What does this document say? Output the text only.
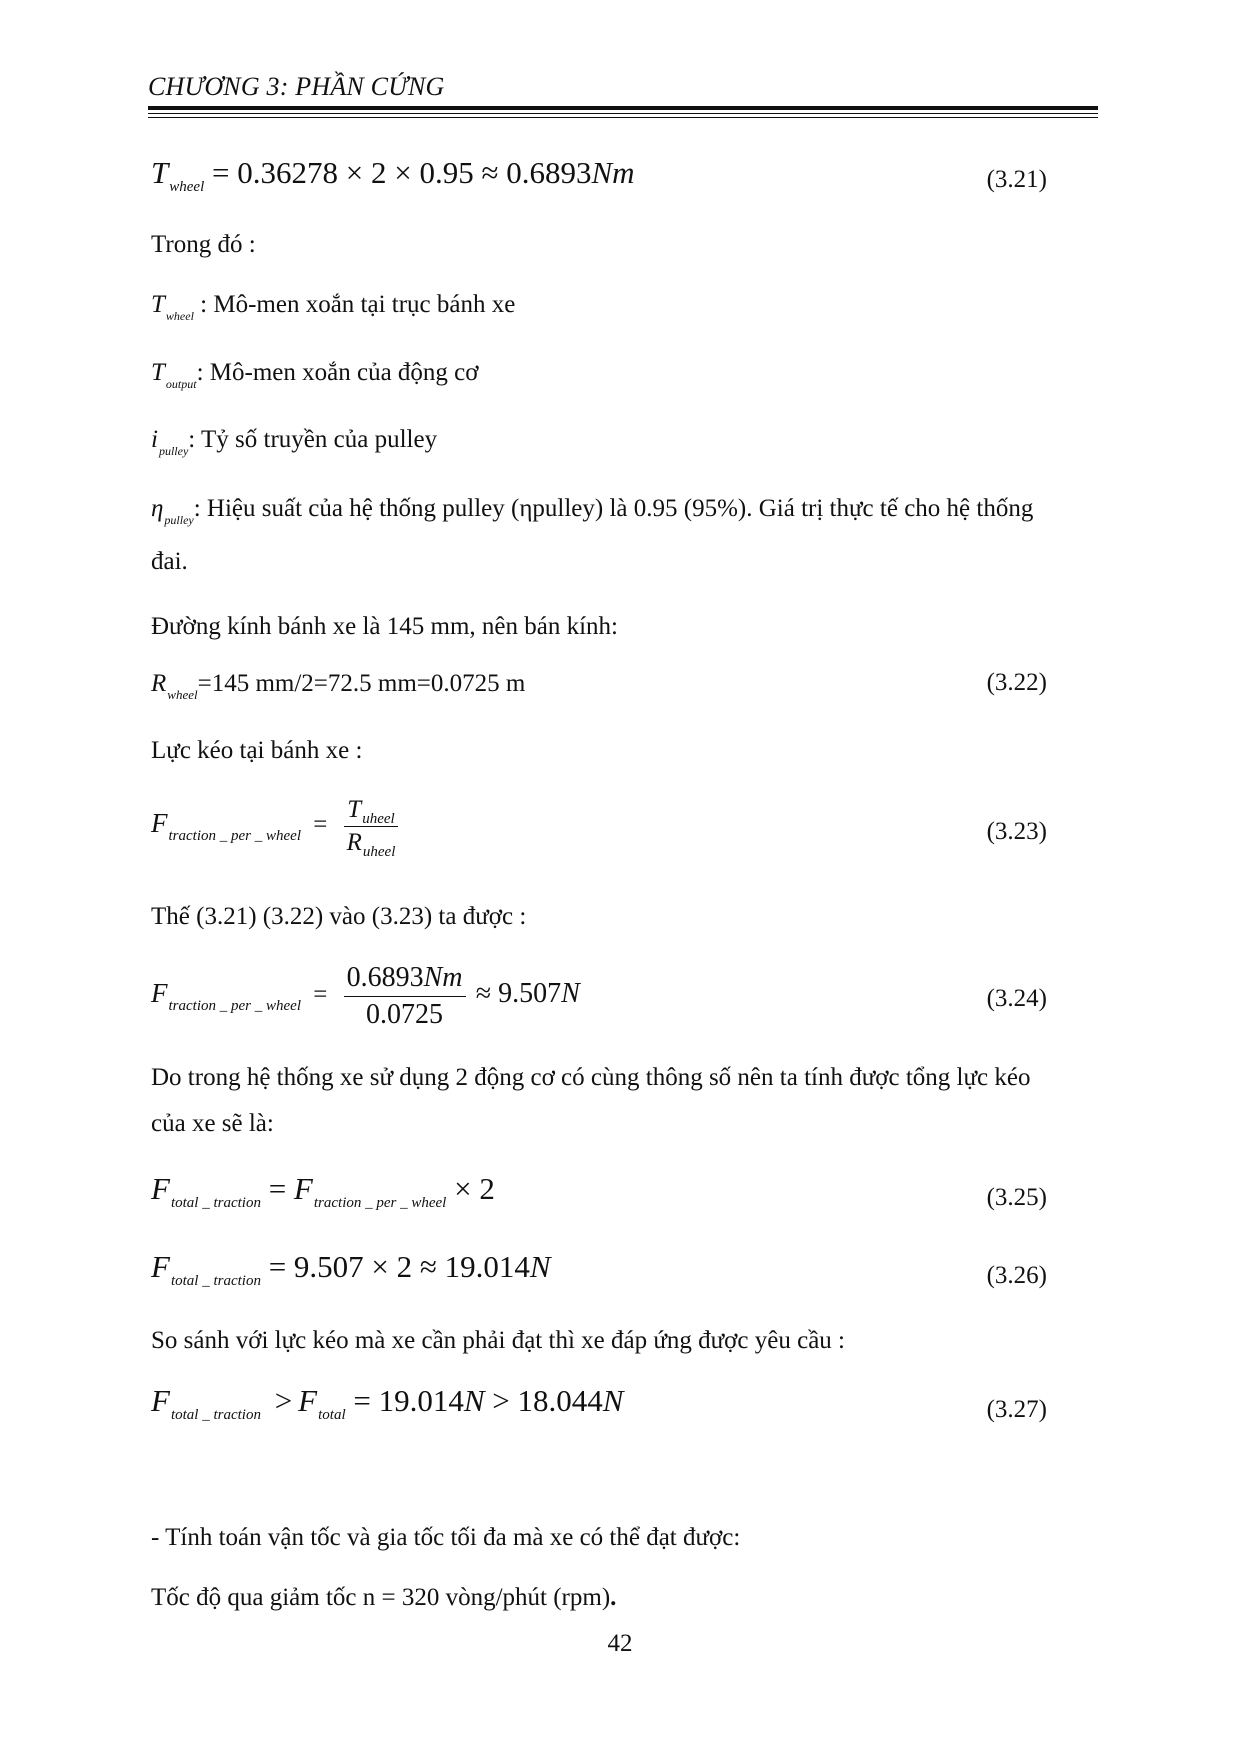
CHƯƠNG 3: PHẦN CỨNG
$T_{wheel} = 0.36278 \times 2 \times 0.95 \approx 0.6893Nm$	(3.21)
Trong đó :
$T_{wheel}$ : Mô-men xoắn tại trục bánh xe
$T_{output}$: Mô-men xoắn của động cơ
$i_{pulley}$: Tỷ số truyền của pulley
$\eta_{pulley}$: Hiệu suất của hệ thống pulley (ηpulley) là 0.95 (95%). Giá trị thực tế cho hệ thống đai.
Đường kính bánh xe là 145 mm, nên bán kính:
$R_{wheel}=145$ mm/2=72.5 mm=0.0725 m	(3.22)
Lực kéo tại bánh xe :
$F_{traction \_ per \_ wheel} = \frac{T_{uheel}}{R_{uheel}}$	(3.23)
Thế (3.21) (3.22) vào (3.23) ta được :
$F_{traction \_ per \_ wheel} = \frac{0.6893Nm}{0.0725} \approx 9.507N$	(3.24)
Do trong hệ thống xe sử dụng 2 động cơ có cùng thông số nên ta tính được tổng lực kéo của xe sẽ là:
$F_{total \_ traction} = F_{traction \_ per \_ wheel} \times 2$	(3.25)
$F_{total \_ traction} = 9.507 \times 2 \approx 19.014N$	(3.26)
So sánh với lực kéo mà xe cần phải đạt thì xe đáp ứng được yêu cầu :
$F_{total \_ traction} > F_{total} = 19.014N > 18.044N$	(3.27)
- Tính toán vận tốc và gia tốc tối đa mà xe có thể đạt được:
Tốc độ qua giảm tốc n = 320 vòng/phút (rpm).
42
